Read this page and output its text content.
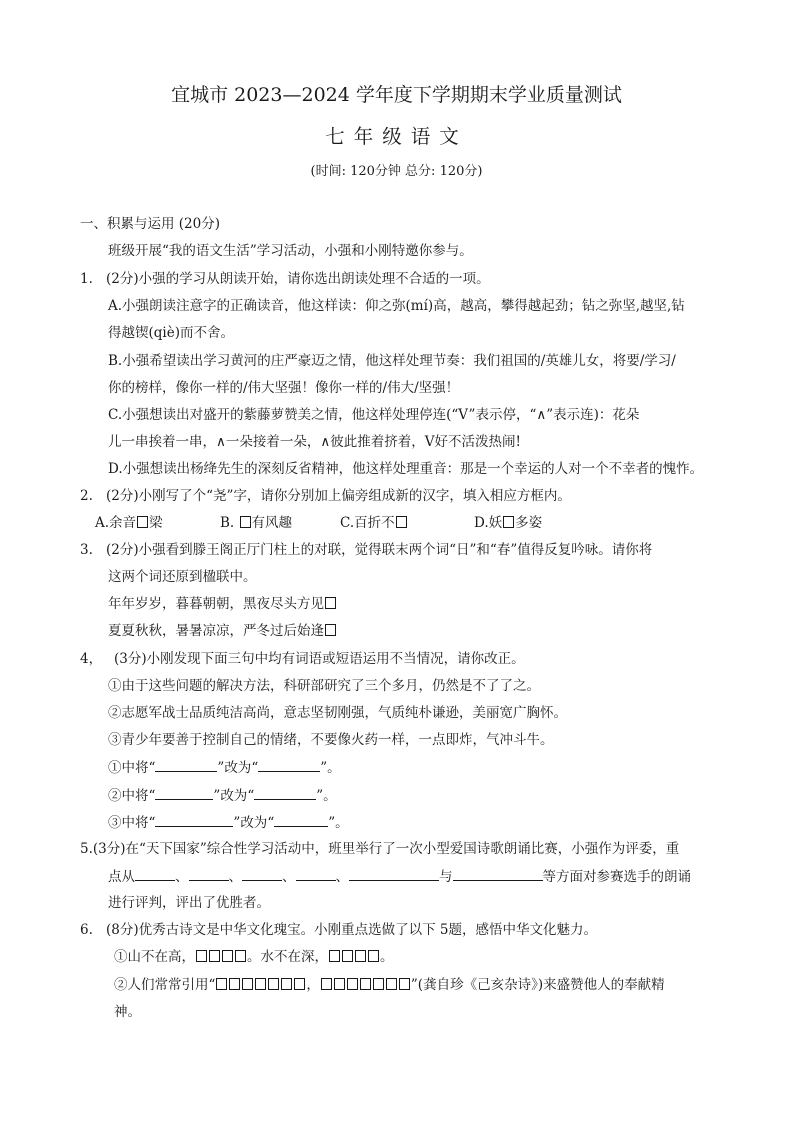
宜城市 2023—2024 学年度下学期期末学业质量测试
七年级语文
(时间: 120分钟 总分: 120分)
一、积累与运用 (20分)
班级开展“我的语文生活”学习活动，小强和小刚特邀你参与。
1. (2分)小强的学习从朗读开始，请你选出朗读处理不合适的一项。
A.小强朗读注意字的正确读音，他这样读：仰之弥(mí)高，越高，攀得越起劲；钻之弥坚,越坚,钻
得越锲(qiè)而不舍。
B.小强希望读出学习黄河的庄严豪迈之情，他这样处理节奏：我们祖国的/英雄儿女，将要/学习/
你的榜样，像你一样的/伟大坚强！像你一样的/伟大/坚强！
C.小强想读出对盛开的紫藤萝赞美之情，他这样处理停连(“V”表示停，“∧”表示连)：花朵
儿一串挨着一串，∧一朵接着一朵，∧彼此推着挤着，V好不活泼热闹!
D.小强想读出杨绛先生的深刻反省精神，他这样处理重音：那是一个幸运的人对一个不幸者的愧怍。
2. (2分)小刚写了个“尧”字，请你分别加上偏旁组成新的汉字，填入相应方框内。
A.余音 梁	B. 有风趣	C.百折不	D.妖 多姿
3. (2分)小强看到滕王阁正厅门柱上的对联，觉得联末两个词“日”和“春”值得反复吟咏。请你将
这两个词还原到楹联中。
年年岁岁，暮暮朝朝，黑夜尽头方见
夏夏秋秋，暑暑凉凉，严冬过后始逢
4， (3分)小刚发现下面三句中均有词语或短语运用不当情况，请你改正。
①由于这些问题的解决方法，科研部研究了三个多月，仍然是不了了之。
②志愿军战士品质纯洁高尚，意志坚韧刚强，气质纯朴谦逊，美丽宽广胸怀。
③青少年要善于控制自己的情绪，不要像火药一样，一点即炸，气冲斗牛。
①中将“	”改为“	”。
②中将“	”改为“	”。
③中将“	”改为“	”。
5.(3分)在“天下国家”综合性学习活动中，班里举行了一次小型爱国诗歌朗诵比赛，小强作为评委，重
点从	、	、	、	、	与	等方面对参赛选手的朗诵
进行评判，评出了优胜者。
6. (8分)优秀古诗文是中华文化瑰宝。小刚重点选做了以下 5题，感悟中华文化魅力。
①山不在高，	。水不在深，	。
②人们常常引用“	，	”(龚自珍《己亥杂诗》)来盛赞他人的奉献精
神。
